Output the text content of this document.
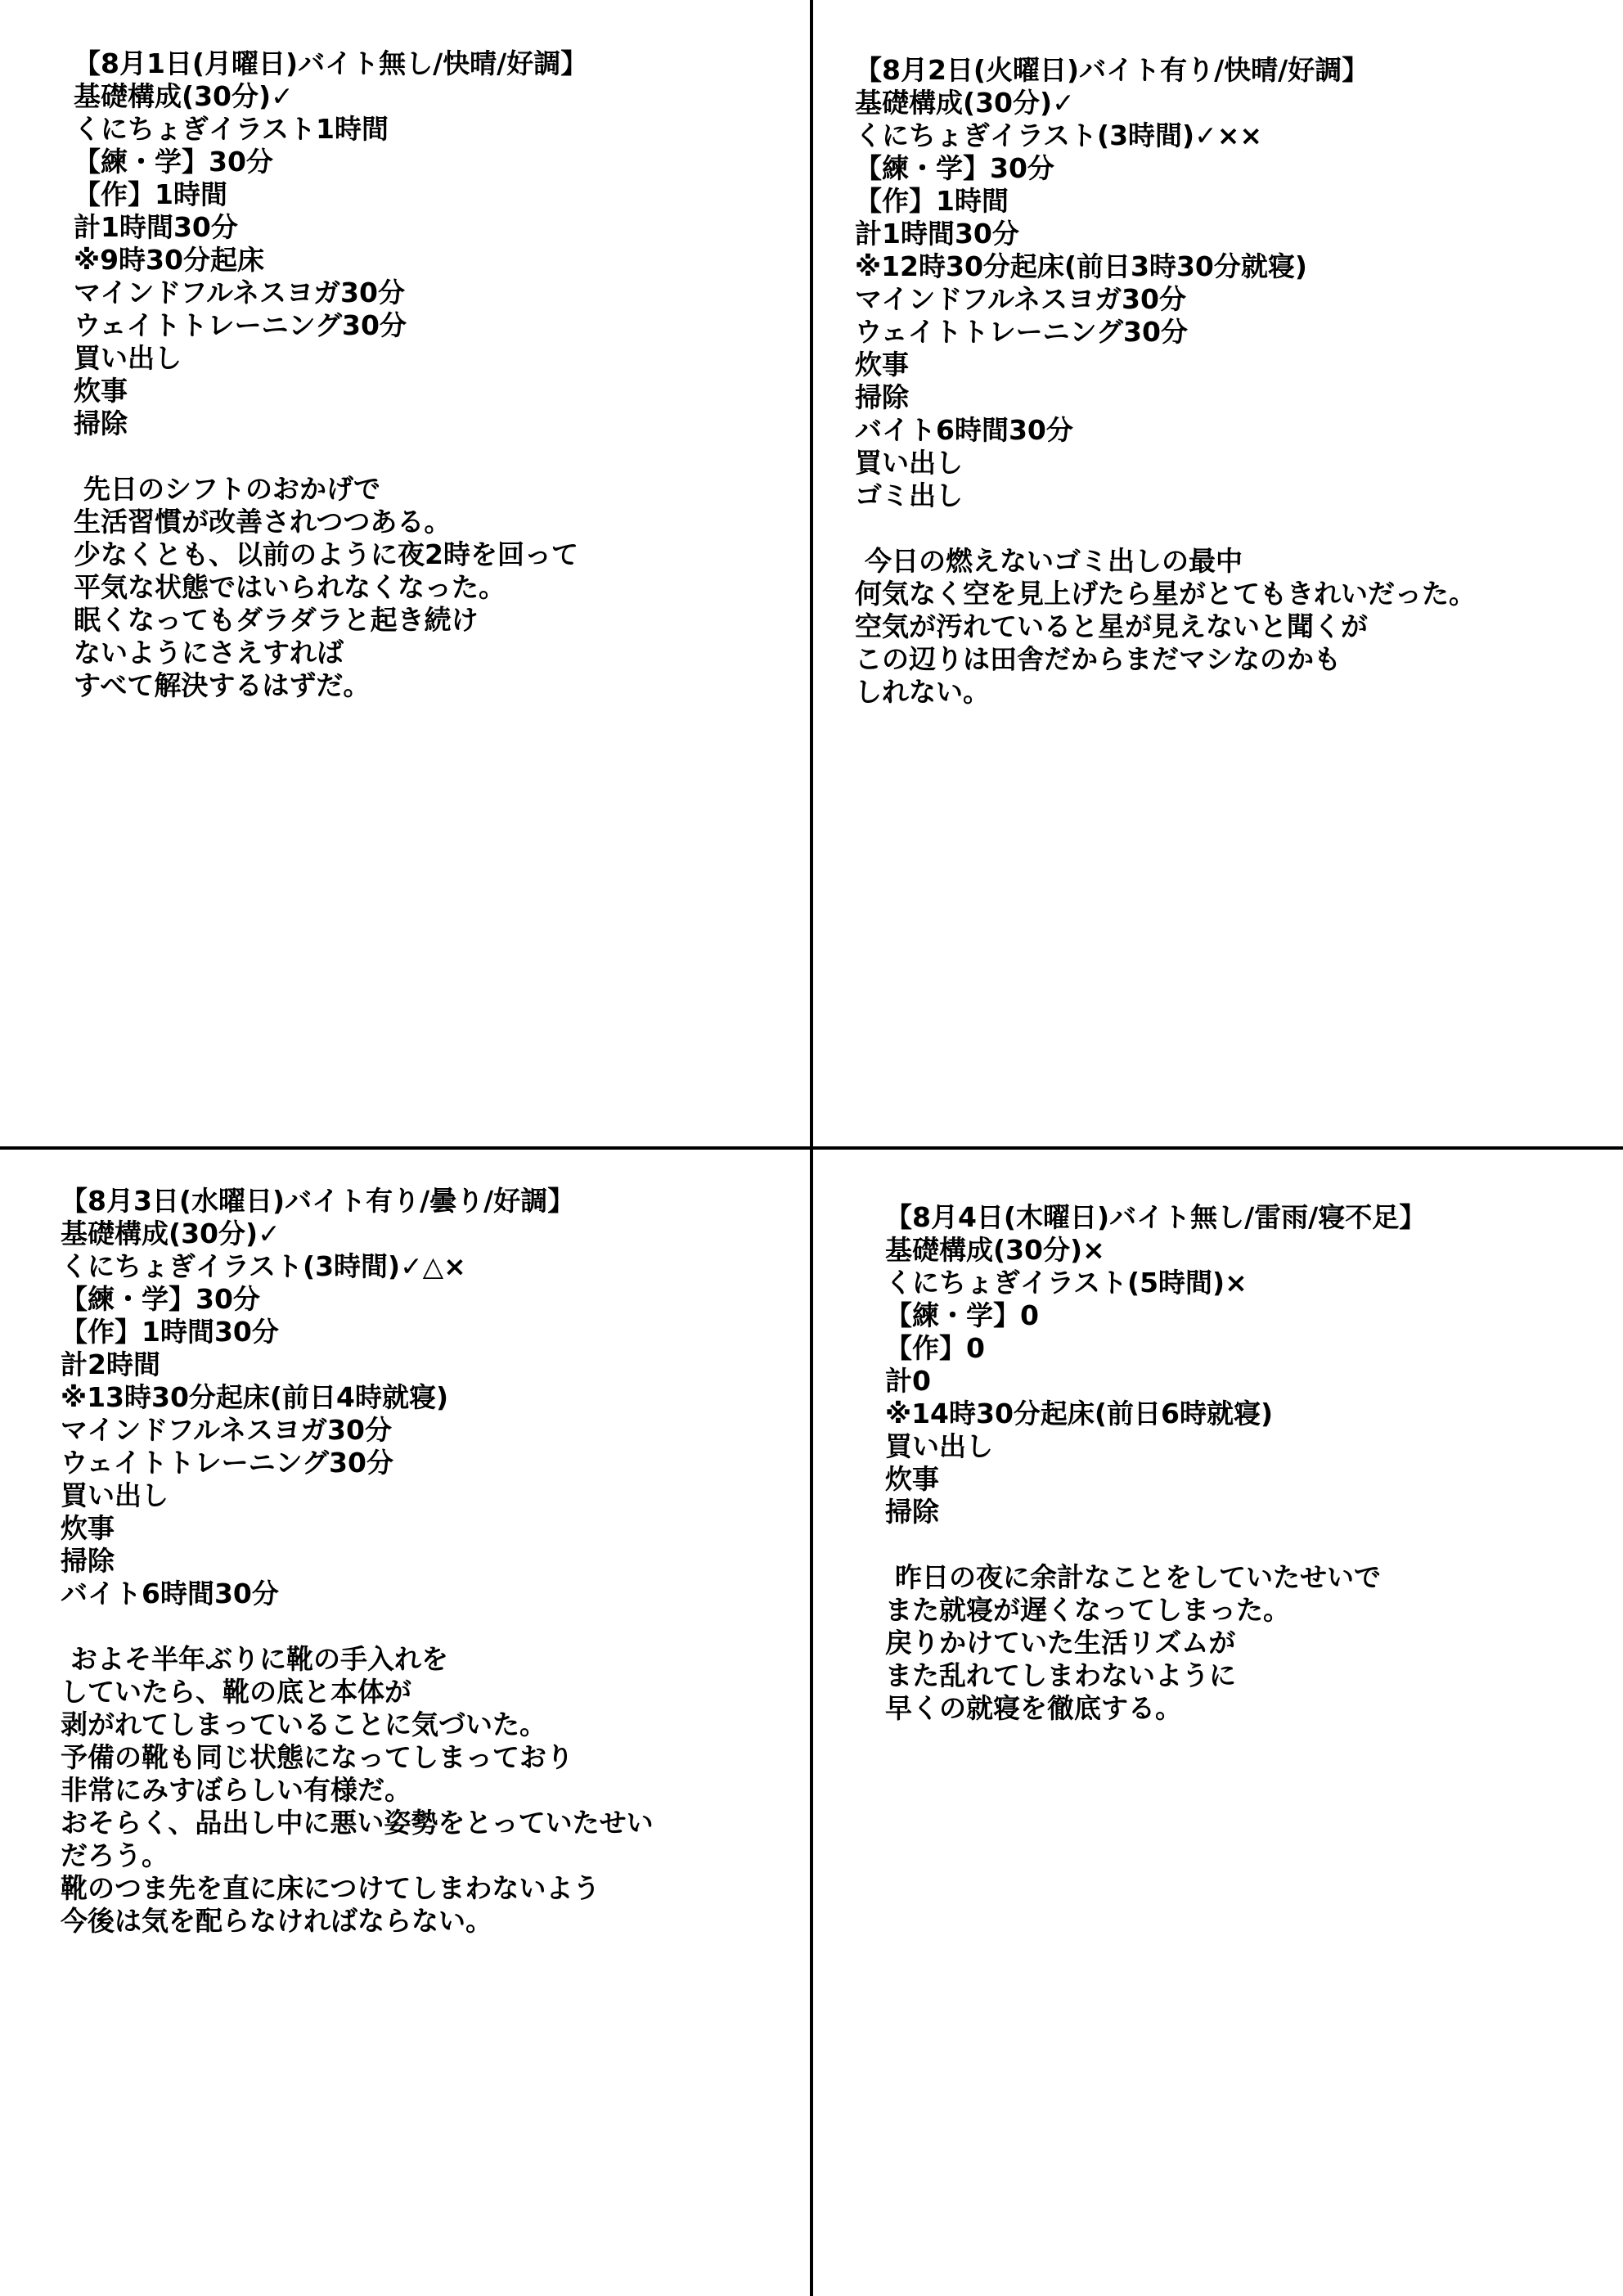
【8月1日(月曜日)バイト無し/快晴/好調】
基礎構成(30分)✓
くにちょぎイラスト1時間
【練・学】30分
【作】1時間
計1時間30分
※9時30分起床
マインドフルネスヨガ30分
ウェイトトレーニング30分
買い出し
炊事
掃除
先日のシフトのおかげで
生活習慣が改善されつつある。
少なくとも、以前のように夜2時を回って
平気な状態ではいられなくなった。
眠くなってもダラダラと起き続け
ないようにさえすれば
すべて解決するはずだ。
【8月2日(火曜日)バイト有り/快晴/好調】
基礎構成(30分)✓
くにちょぎイラスト(3時間)✓××
【練・学】30分
【作】1時間
計1時間30分
※12時30分起床(前日3時30分就寝)
マインドフルネスヨガ30分
ウェイトトレーニング30分
炊事
掃除
バイト6時間30分
買い出し
ゴミ出し
今日の燃えないゴミ出しの最中
何気なく空を見上げたら星がとてもきれいだった。
空気が汚れていると星が見えないと聞くが
この辺りは田舎だからまだマシなのかも
しれない。
【8月3日(水曜日)バイト有り/曇り/好調】
基礎構成(30分)✓
くにちょぎイラスト(3時間)✓△×
【練・学】30分
【作】1時間30分
計2時間
※13時30分起床(前日4時就寝)
マインドフルネスヨガ30分
ウェイトトレーニング30分
買い出し
炊事
掃除
バイト6時間30分
およそ半年ぶりに靴の手入れを
していたら、靴の底と本体が
剥がれてしまっていることに気づいた。
予備の靴も同じ状態になってしまっており
非常にみすぼらしい有様だ。
おそらく、品出し中に悪い姿勢をとっていたせい
だろう。
靴のつま先を直に床につけてしまわないよう
今後は気を配らなければならない。
【8月4日(木曜日)バイト無し/雷雨/寝不足】
基礎構成(30分)×
くにちょぎイラスト(5時間)×
【練・学】0
【作】0
計0
※14時30分起床(前日6時就寝)
買い出し
炊事
掃除
昨日の夜に余計なことをしていたせいで
また就寝が遅くなってしまった。
戻りかけていた生活リズムが
また乱れてしまわないように
早くの就寝を徹底する。
